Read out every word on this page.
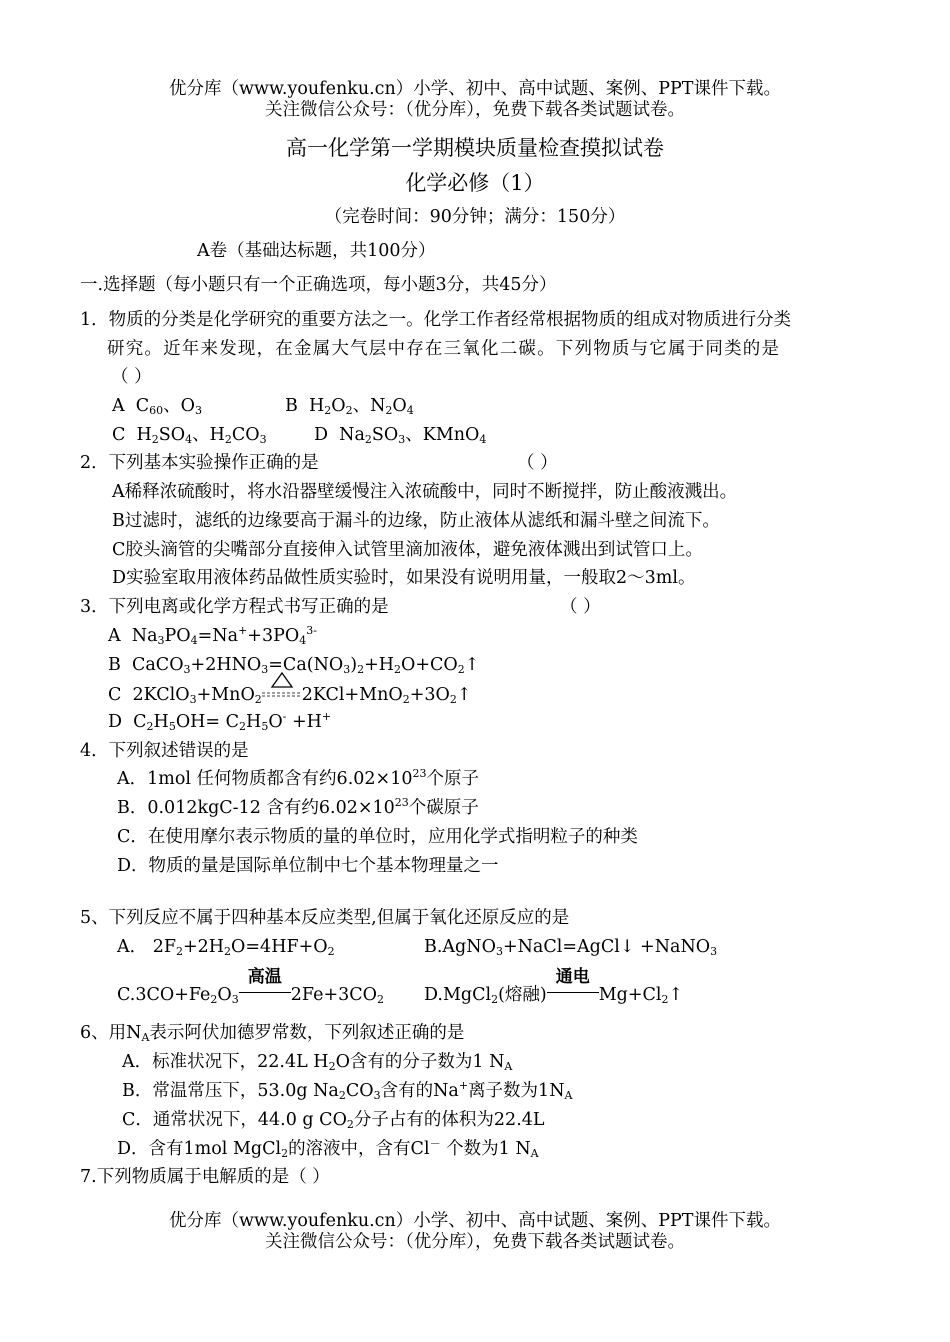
优分库（www.youfenku.cn）小学、初中、高中试题、案例、PPT课件下载。
关注微信公众号：（优分库），免费下载各类试题试卷。
高一化学第一学期模块质量检查摸拟试卷
化学必修（1）
（完卷时间：90分钟；满分：150分）
A卷（基础达标题，共100分）
一.选择题（每小题只有一个正确选项，每小题3分，共45分）
1．物质的分类是化学研究的重要方法之一。化学工作者经常根据物质的组成对物质进行分类
研究。近年来发现，在金属大气层中存在三氧化二碳。下列物质与它属于同类的是
（ ）
A  $C_{60}$、$O_3$	B  $H_2O_2$、$N_2O_4$
C  $H_2SO_4$、$H_2CO_3$	D  $Na_2SO_3$、KMnO$_4$
2．下列基本实验操作正确的是	（ ）
A稀释浓硫酸时，将水沿器壁缓慢注入浓硫酸中，同时不断搅拌，防止酸液溅出。
B过滤时，滤纸的边缘要高于漏斗的边缘，防止液体从滤纸和漏斗壁之间流下。
C胶头滴管的尖嘴部分直接伸入试管里滴加液体，避免液体溅出到试管口上。
D实验室取用液体药品做性质实验时，如果没有说明用量，一般取2～3ml。
3．下列电离或化学方程式书写正确的是	（ ）
A  $Na_3PO_4=Na^++3PO_4^{3-}$
B  $CaCO_3+2HNO_3=Ca(NO_3)_2+H_2O+CO_2↑$
C  2KClO$_3$+MnO$_2$ $2KCl+MnO_2+3O_2↑$
D  $C_2H_5OH= C_2H_5O^- +H^+$
4．下列叙述错误的是
A．1mol 任何物质都含有约$6.02\times 10^{23}$个原子
B．0.012kgC-12 含有约$6.02\times 10^{23}$个碳原子
C．在使用摩尔表示物质的量的单位时，应用化学式指明粒子的种类
D．物质的量是国际单位制中七个基本物理量之一
5、下列反应不属于四种基本反应类型,但属于氧化还原反应的是
A． $2F_2+2H_2O=4HF+O_2$	B.AgNO$_3$+NaCl=AgCl↓ +NaNO$_3$
$C.3CO+Fe_2O_3$
高温
$2Fe+3CO_2$ D.MgCl$_2$(熔融)
通电
$Mg+Cl_2↑$
6、用$N_A$表示阿伏加德罗常数，下列叙述正确的是
A．标准状况下，22.4L $H_2O$含有的分子数为1 $N_A$
B．常温常压下，53.0g $Na_2CO_3$含有的Na+离子数为$1N_A$
C．通常状况下，44.0 g $CO_2$分子占有的体积为22.4L
D．含有1mol MgCl$_2$的溶液中，含有Cl－ 个数为1 $N_A$
7.下列物质属于电解质的是（ ）
优分库（www.youfenku.cn）小学、初中、高中试题、案例、PPT课件下载。
关注微信公众号：（优分库），免费下载各类试题试卷。
